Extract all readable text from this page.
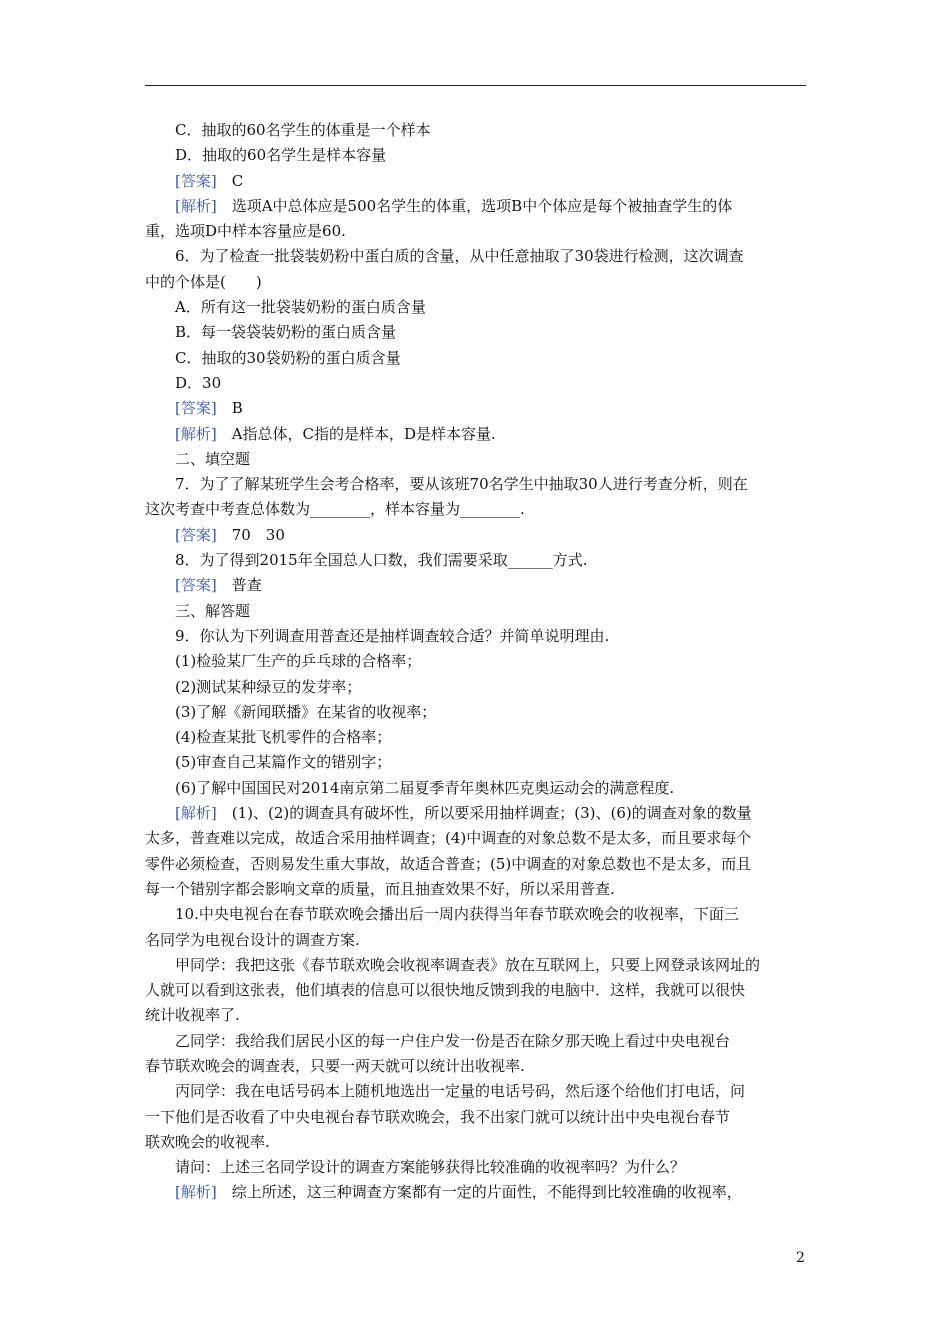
C．抽取的60名学生的体重是一个样本
D．抽取的60名学生是样本容量
[答案]　C
[解析]　选项A中总体应是500名学生的体重，选项B中个体应是每个被抽查学生的体
重，选项D中样本容量应是60.
6．为了检查一批袋装奶粉中蛋白质的含量，从中任意抽取了30袋进行检测，这次调查
中的个体是(　　)
A．所有这一批袋装奶粉的蛋白质含量
B．每一袋袋装奶粉的蛋白质含量
C．抽取的30袋奶粉的蛋白质含量
D．30
[答案]　B
[解析]　A指总体，C指的是样本，D是样本容量.
二、填空题
7．为了了解某班学生会考合格率，要从该班70名学生中抽取30人进行考查分析，则在
这次考查中考查总体数为________，样本容量为________.
[答案]　70　30
8．为了得到2015年全国总人口数，我们需要采取______方式.
[答案]　普查
三、解答题
9．你认为下列调查用普查还是抽样调查较合适？并简单说明理由.
(1)检验某厂生产的乒乓球的合格率；
(2)测试某种绿豆的发芽率；
(3)了解《新闻联播》在某省的收视率；
(4)检查某批飞机零件的合格率；
(5)审查自己某篇作文的错别字；
(6)了解中国国民对2014南京第二届夏季青年奥林匹克奥运动会的满意程度.
[解析]　(1)、(2)的调查具有破坏性，所以要采用抽样调查；(3)、(6)的调查对象的数量
太多，普查难以完成，故适合采用抽样调查；(4)中调查的对象总数不是太多，而且要求每个
零件必须检查，否则易发生重大事故，故适合普查；(5)中调查的对象总数也不是太多，而且
每一个错别字都会影响文章的质量，而且抽查效果不好，所以采用普查.
10.中央电视台在春节联欢晚会播出后一周内获得当年春节联欢晚会的收视率，下面三
名同学为电视台设计的调查方案.
甲同学：我把这张《春节联欢晚会收视率调查表》放在互联网上，只要上网登录该网址的
人就可以看到这张表，他们填表的信息可以很快地反馈到我的电脑中．这样，我就可以很快
统计收视率了.
乙同学：我给我们居民小区的每一户住户发一份是否在除夕那天晚上看过中央电视台
春节联欢晚会的调查表，只要一两天就可以统计出收视率.
丙同学：我在电话号码本上随机地选出一定量的电话号码，然后逐个给他们打电话，问
一下他们是否收看了中央电视台春节联欢晚会，我不出家门就可以统计出中央电视台春节
联欢晚会的收视率.
请问：上述三名同学设计的调查方案能够获得比较准确的收视率吗？为什么？
[解析]　综上所述，这三种调查方案都有一定的片面性，不能得到比较准确的收视率，
2
